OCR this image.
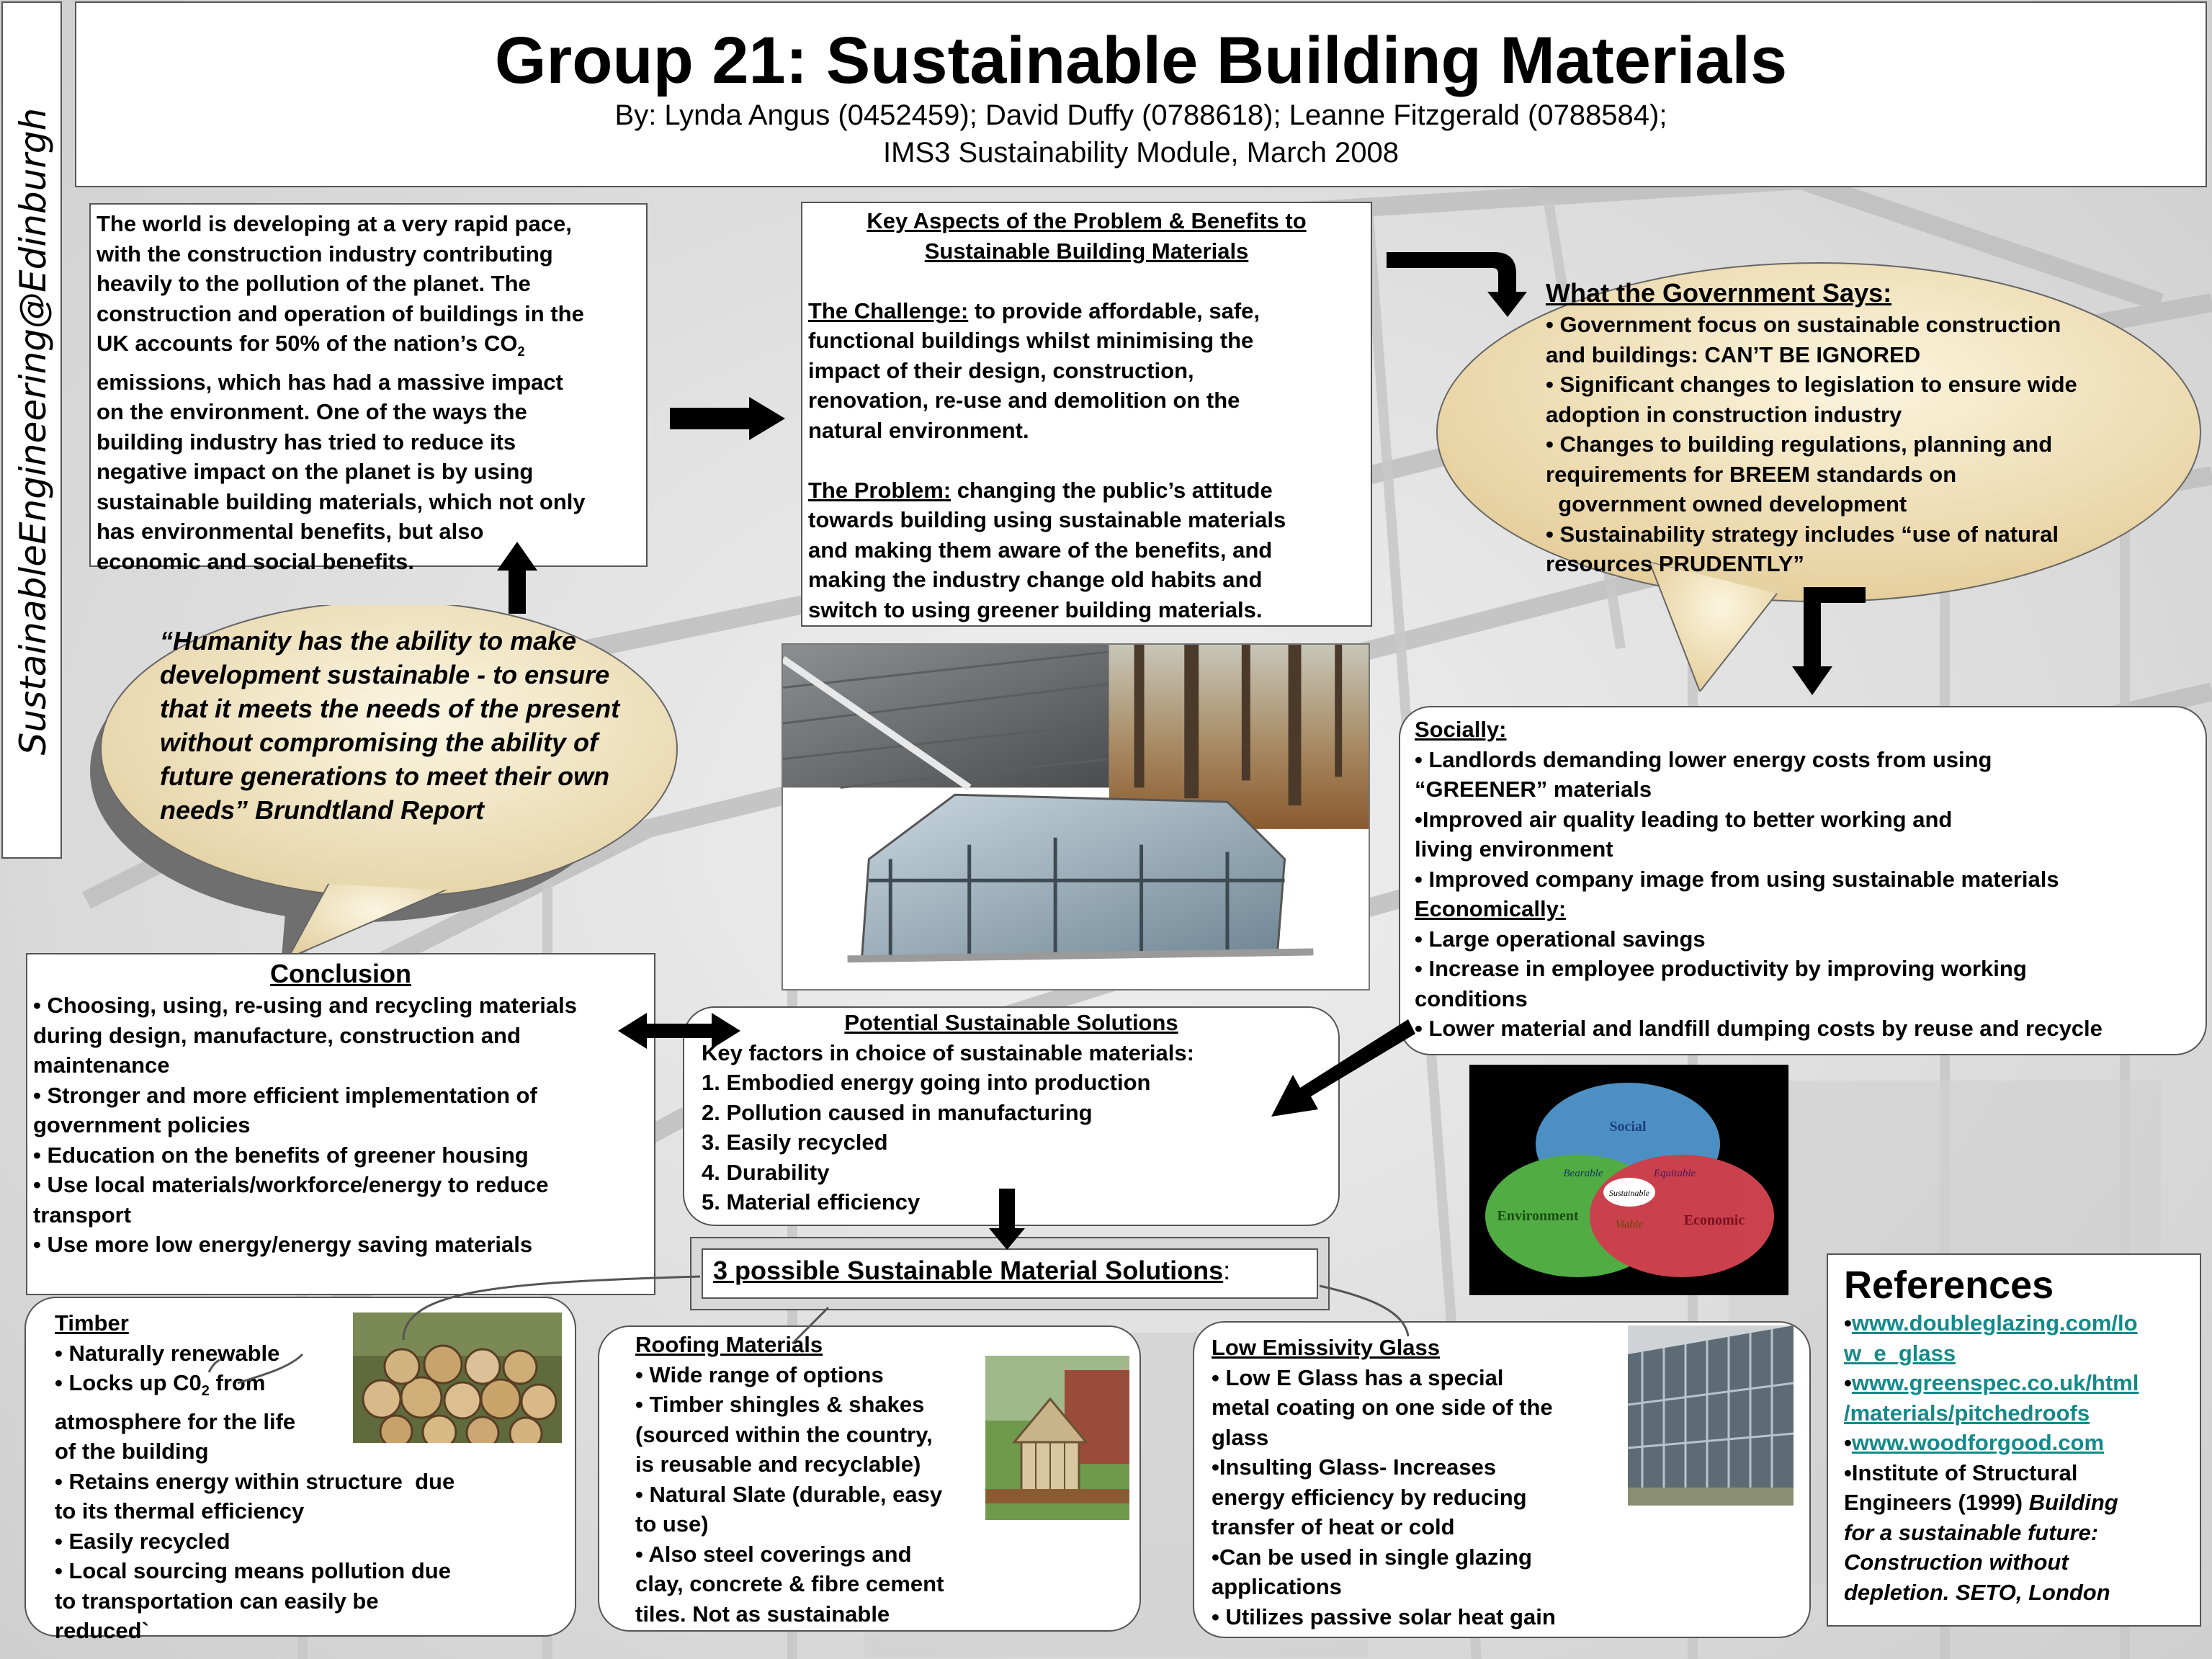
SustainableEngineering@Edinburgh
Group 21: Sustainable Building Materials
By: Lynda Angus (0452459); David Duffy (0788618); Leanne Fitzgerald (0788584);
IMS3 Sustainability Module, March 2008

The world is developing at a very rapid pace,

with the construction industry contributing

heavily to the pollution of the planet. The

construction and operation of buildings in the

UK accounts for 50% of the nation’s $CO_2$

emissions, which has had a massive impact

on the environment. One of the ways the

building industry has tried to reduce its

negative impact on the planet is by using

sustainable building materials, which not only

has environmental benefits, but also

economic and social benefits.

“Humanity has the ability to make

development sustainable - to ensure

that it meets the needs of the present

without compromising the ability of

future generations to meet their own

needs” Brundtland Report

Key Aspects of the Problem & Benefits to

Sustainable Building Materials

The Challenge: to provide affordable, safe,

functional buildings whilst minimising the

impact of their design, construction,

renovation, re-use and demolition on the

natural environment.

The Problem: changing the public’s attitude

towards building using sustainable materials

and making them aware of the benefits, and

making the industry change old habits and

switch to using greener building materials.

What the Government Says:

• Government focus on sustainable construction

and buildings: CAN’T BE IGNORED

• Significant changes to legislation to ensure wide

adoption in construction industry

• Changes to building regulations, planning and

requirements for BREEM standards on

government owned development

• Sustainability strategy includes “use of natural

resources PRUDENTLY”

Socially:

• Landlords demanding lower energy costs from using

“GREENER” materials

•Improved air quality leading to better working and

living environment

• Improved company image from using sustainable materials

Economically:

• Large operational savings

• Increase in employee productivity by improving working

conditions

• Lower material and landfill dumping costs by reuse and recycle

Conclusion

• Choosing, using, re-using and recycling materials

during design, manufacture, construction and

maintenance

• Stronger and more efficient implementation of

government policies

• Education on the benefits of greener housing

• Use local materials/workforce/energy to reduce

transport

• Use more low energy/energy saving materials

Potential Sustainable Solutions

Key factors in choice of sustainable materials:

1. Embodied energy going into production

2. Pollution caused in manufacturing

3. Easily recycled

4. Durability

5. Material efficiency

Social
Environment	Economic
Bearable	Equitable
Viable
Sustainable
3 possible Sustainable Material Solutions:

Timber

• Naturally renewable

• Locks up $C0_2$ from

atmosphere for the life

of the building

• Retains energy within structure  due

to its thermal efficiency

• Easily recycled

• Local sourcing means pollution due

to transportation can easily be

reduced`

Roofing Materials

• Wide range of options

• Timber shingles & shakes

(sourced within the country,

is reusable and recyclable)

• Natural Slate (durable, easy

to use)

• Also steel coverings and

clay, concrete & fibre cement

tiles. Not as sustainable

Low Emissivity Glass

• Low E Glass has a special

metal coating on one side of the

glass

•Insulting Glass- Increases

energy efficiency by reducing

transfer of heat or cold

•Can be used in single glazing

applications

• Utilizes passive solar heat gain

References

•www.doubleglazing.com/lo

w_e_glass

•www.greenspec.co.uk/html

/materials/pitchedroofs

•www.woodforgood.com

•Institute of Structural

Engineers (1999) Building

for a sustainable future:

Construction without

depletion. SETO, London
